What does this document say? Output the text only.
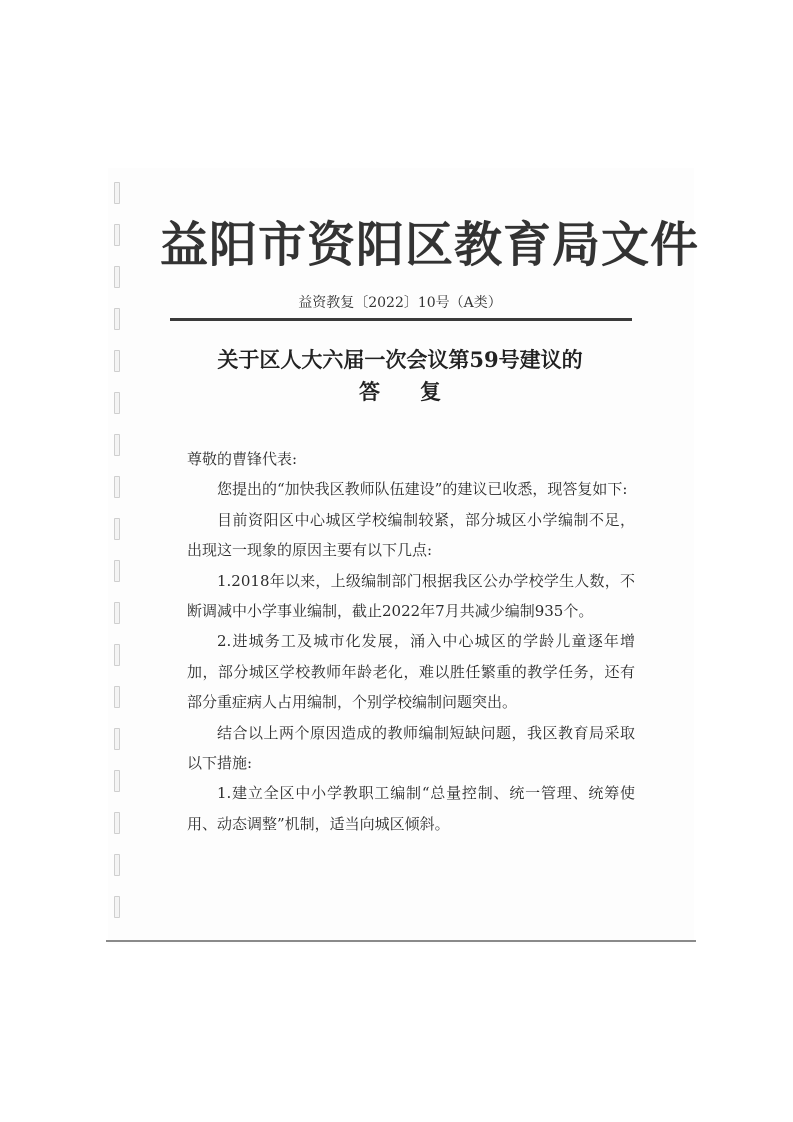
益阳市资阳区教育局文件
益资教复〔2022〕10号（A类）
关于区人大六届一次会议第59号建议的
答复

尊敬的曹锋代表:

您提出的“加快我区教师队伍建设”的建议已收悉，现答复如下:

目前资阳区中心城区学校编制较紧，部分城区小学编制不足，出现这一现象的原因主要有以下几点:

1.2018年以来，上级编制部门根据我区公办学校学生人数，不断调减中小学事业编制，截止2022年7月共减少编制935个。

2.进城务工及城市化发展，涌入中心城区的学龄儿童逐年增加，部分城区学校教师年龄老化，难以胜任繁重的教学任务，还有部分重症病人占用编制，个别学校编制问题突出。

结合以上两个原因造成的教师编制短缺问题，我区教育局采取以下措施:

1.建立全区中小学教职工编制“总量控制、统一管理、统筹使用、动态调整”机制，适当向城区倾斜。
